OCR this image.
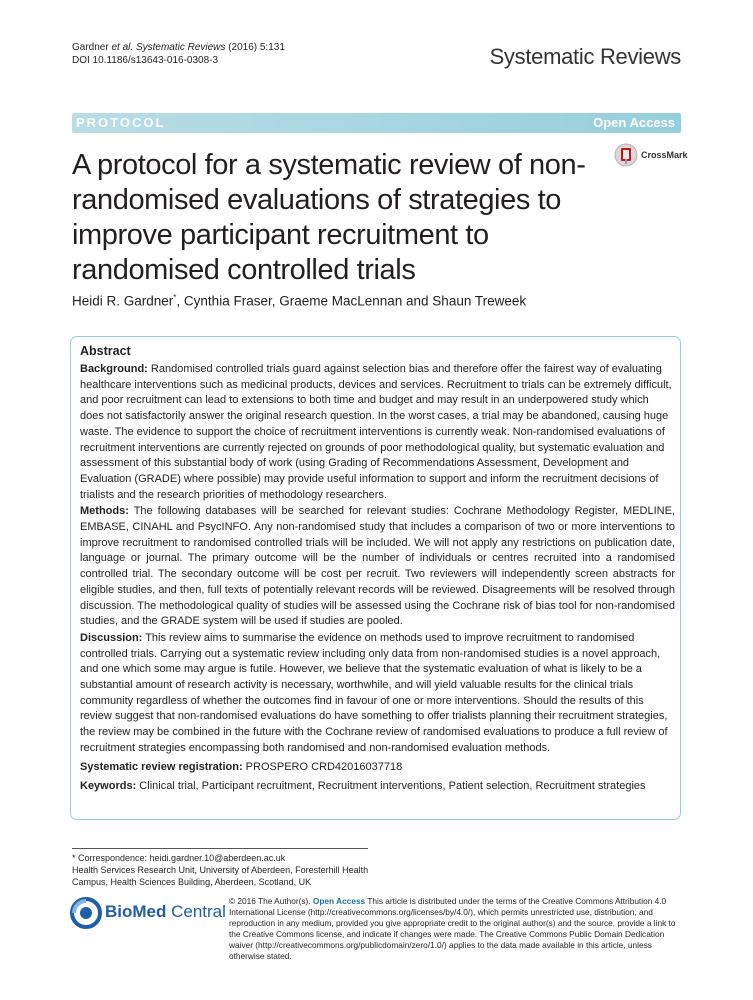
Gardner et al. Systematic Reviews (2016) 5:131
DOI 10.1186/s13643-016-0308-3	Systematic Reviews
PROTOCOL	Open Access
A protocol for a systematic review of non-randomised evaluations of strategies to improve participant recruitment to randomised controlled trials
CrossMark
Heidi R. Gardner*, Cynthia Fraser, Graeme MacLennan and Shaun Treweek
Abstract

Background: Randomised controlled trials guard against selection bias and therefore offer the fairest way of evaluating healthcare interventions such as medicinal products, devices and services. Recruitment to trials can be extremely difficult, and poor recruitment can lead to extensions to both time and budget and may result in an underpowered study which does not satisfactorily answer the original research question. In the worst cases, a trial may be abandoned, causing huge waste. The evidence to support the choice of recruitment interventions is currently weak. Non-randomised evaluations of recruitment interventions are currently rejected on grounds of poor methodological quality, but systematic evaluation and assessment of this substantial body of work (using Grading of Recommendations Assessment, Development and Evaluation (GRADE) where possible) may provide useful information to support and inform the recruitment decisions of trialists and the research priorities of methodology researchers.

Methods: The following databases will be searched for relevant studies: Cochrane Methodology Register, MEDLINE, EMBASE, CINAHL and PsycINFO. Any non-randomised study that includes a comparison of two or more interventions to improve recruitment to randomised controlled trials will be included. We will not apply any restrictions on publication date, language or journal. The primary outcome will be the number of individuals or centres recruited into a randomised controlled trial. The secondary outcome will be cost per recruit. Two reviewers will independently screen abstracts for eligible studies, and then, full texts of potentially relevant records will be reviewed. Disagreements will be resolved through discussion. The methodological quality of studies will be assessed using the Cochrane risk of bias tool for non-randomised studies, and the GRADE system will be used if studies are pooled.

Discussion: This review aims to summarise the evidence on methods used to improve recruitment to randomised controlled trials. Carrying out a systematic review including only data from non-randomised studies is a novel approach, and one which some may argue is futile. However, we believe that the systematic evaluation of what is likely to be a substantial amount of research activity is necessary, worthwhile, and will yield valuable results for the clinical trials community regardless of whether the outcomes find in favour of one or more interventions. Should the results of this review suggest that non-randomised evaluations do have something to offer trialists planning their recruitment strategies, the review may be combined in the future with the Cochrane review of randomised evaluations to produce a full review of recruitment strategies encompassing both randomised and non-randomised evaluation methods.

Systematic review registration: PROSPERO CRD42016037718

Keywords: Clinical trial, Participant recruitment, Recruitment interventions, Patient selection, Recruitment strategies

* Correspondence: heidi.gardner.10@aberdeen.ac.uk
Health Services Research Unit, University of Aberdeen, Foresterhill Health
Campus, Health Sciences Building, Aberdeen, Scotland, UK
BioMed Central
© 2016 The Author(s). Open Access This article is distributed under the terms of the Creative Commons Attribution 4.0 International License (http://creativecommons.org/licenses/by/4.0/), which permits unrestricted use, distribution, and reproduction in any medium, provided you give appropriate credit to the original author(s) and the source, provide a link to the Creative Commons license, and indicate if changes were made. The Creative Commons Public Domain Dedication waiver (http://creativecommons.org/publicdomain/zero/1.0/) applies to the data made available in this article, unless otherwise stated.
